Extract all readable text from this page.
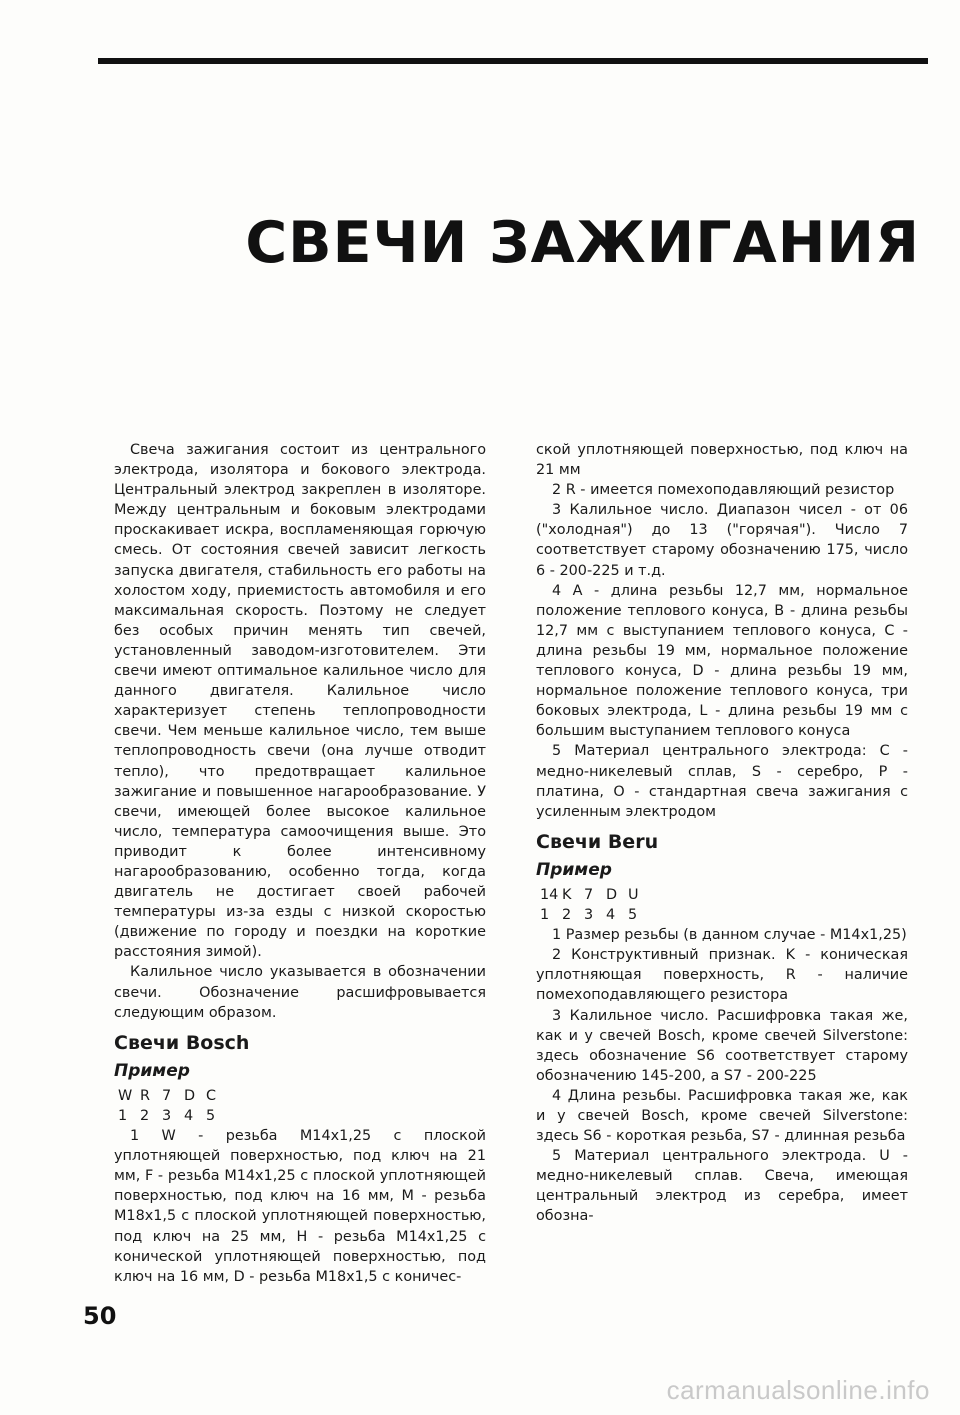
СВЕЧИ ЗАЖИГАНИЯ

Свеча зажигания состоит из центрального электрода, изолятора и бокового электрода. Центральный электрод закреплен в изоляторе. Между центральным и боковым электродами проскакивает искра, воспламеняющая горючую смесь. От состояния свечей зависит легкость запуска двигателя, стабильность его работы на холостом ходу, приемистость автомобиля и его максимальная скорость. Поэтому не следует без особых причин менять тип свечей, установленный заводом-изготовителем. Эти свечи имеют оптимальное калильное число для данного двигателя. Калильное число характеризует степень теплопроводности свечи. Чем меньше калильное число, тем выше теплопроводность свечи (она лучше отводит тепло), что предотвращает калильное зажигание и повышенное нагарообразование. У свечи, имеющей более высокое калильное число, температура самоочищения выше. Это приводит к более интенсивному нагарообразованию, особенно тогда, когда двигатель не достигает своей рабочей температуры из-за езды с низкой скоростью (движение по городу и поездки на короткие расстояния зимой).

Калильное число указывается в обозначении свечи. Обозначение расшифровывается следующим образом.

Свечи Bosch
Пример
W R 7 D C
1 2 3 4 5

1 W - резьба M14x1,25 с плоской уплотняющей поверхностью, под ключ на 21 мм, F - резьба M14x1,25 с плоской уплотняющей поверхностью, под ключ на 16 мм, M - резьба M18x1,5 с плоской уплотняющей поверхностью, под ключ на 25 мм, H - резьба M14x1,25 с конической уплотняющей поверхностью, под ключ на 16 мм, D - резьба M18x1,5 с коничес-

ской уплотняющей поверхностью, под ключ на 21 мм

2 R - имеется помехоподавляющий резистор

3 Калильное число. Диапазон чисел - от 06 ("холодная") до 13 ("горячая"). Число 7 соответствует старому обозначению 175, число 6 - 200-225 и т.д.

4 A - длина резьбы 12,7 мм, нормальное положение теплового конуса, B - длина резьбы 12,7 мм с выступанием теплового конуса, C - длина резьбы 19 мм, нормальное положение теплового конуса, D - длина резьбы 19 мм, нормальное положение теплового конуса, три боковых электрода, L - длина резьбы 19 мм с большим выступанием теплового конуса

5 Материал центрального электрода: C - медно-никелевый сплав, S - серебро, P - платина, O - стандартная свеча зажигания с усиленным электродом

Свечи Beru
Пример
14 K 7 D U
1 2 3 4 5

1 Размер резьбы (в данном случае - M14x1,25)

2 Конструктивный признак. K - коническая уплотняющая поверхность, R - наличие помехоподавляющего резистора

3 Калильное число. Расшифровка такая же, как и у свечей Bosch, кроме свечей Silverstone: здесь обозначение S6 соответствует старому обозначению 145-200, а S7 - 200-225

4 Длина резьбы. Расшифровка такая же, как и у свечей Bosch, кроме свечей Silverstone: здесь S6 - короткая резьба, S7 - длинная резьба

5 Материал центрального электрода. U - медно-никелевый сплав. Свеча, имеющая центральный электрод из серебра, имеет обозна-

50
carmanualsonline.info
